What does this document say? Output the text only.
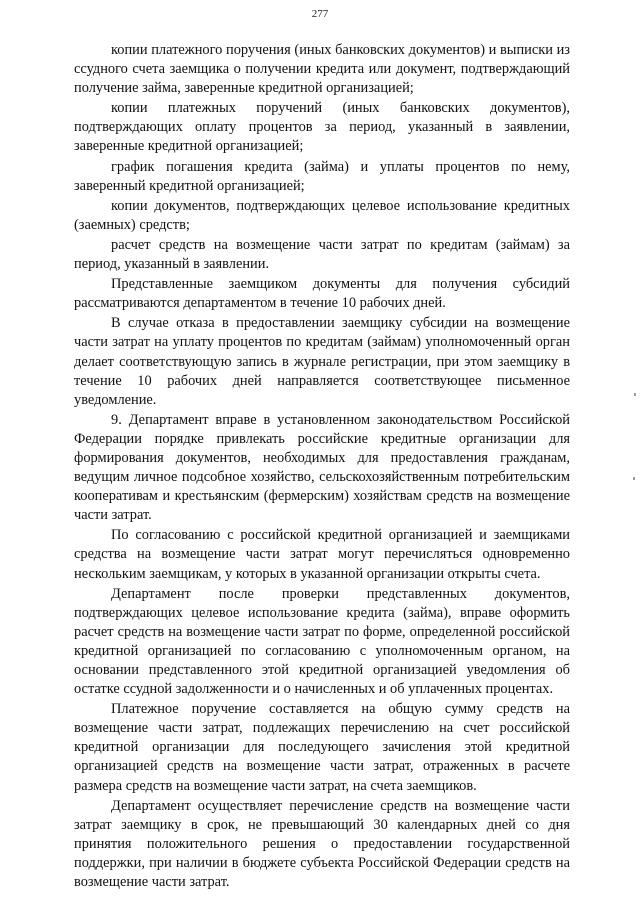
277

копии платежного поручения (иных банковских документов) и выписки из ссудного счета заемщика о получении кредита или документ, подтверждающий получение займа, заверенные кредитной организацией;

копии платежных поручений (иных банковских документов), подтверждающих оплату процентов за период, указанный в заявлении, заверенные кредитной организацией;

график погашения кредита (займа) и уплаты процентов по нему, заверенный кредитной организацией;

копии документов, подтверждающих целевое использование кредитных (заемных) средств;

расчет средств на возмещение части затрат по кредитам (займам) за период, указанный в заявлении.

Представленные заемщиком документы для получения субсидий рассматриваются департаментом в течение 10 рабочих дней.

В случае отказа в предоставлении заемщику субсидии на возмещение части затрат на уплату процентов по кредитам (займам) уполномоченный орган делает соответствующую запись в журнале регистрации, при этом заемщику в течение 10 рабочих дней направляется соответствующее письменное уведомление.

9. Департамент вправе в установленном законодательством Российской Федерации порядке привлекать российские кредитные организации для формирования документов, необходимых для предоставления гражданам, ведущим личное подсобное хозяйство, сельскохозяйственным потребительским кооперативам и крестьянским (фермерским) хозяйствам средств на возмещение части затрат.

По согласованию с российской кредитной организацией и заемщиками средства на возмещение части затрат могут перечисляться одновременно нескольким заемщикам, у которых в указанной организации открыты счета.

Департамент после проверки представленных документов, подтверждающих целевое использование кредита (займа), вправе оформить расчет средств на возмещение части затрат по форме, определенной российской кредитной организацией по согласованию с уполномоченным органом, на основании представленного этой кредитной организацией уведомления об остатке ссудной задолженности и о начисленных и об уплаченных процентах.

Платежное поручение составляется на общую сумму средств на возмещение части затрат, подлежащих перечислению на счет российской кредитной организации для последующего зачисления этой кредитной организацией средств на возмещение части затрат, отраженных в расчете размера средств на возмещение части затрат, на счета заемщиков.

Департамент осуществляет перечисление средств на возмещение части затрат заемщику в срок, не превышающий 30 календарных дней со дня принятия положительного решения о предоставлении государственной поддержки, при наличии в бюджете субъекта Российской Федерации средств на возмещение части затрат.
